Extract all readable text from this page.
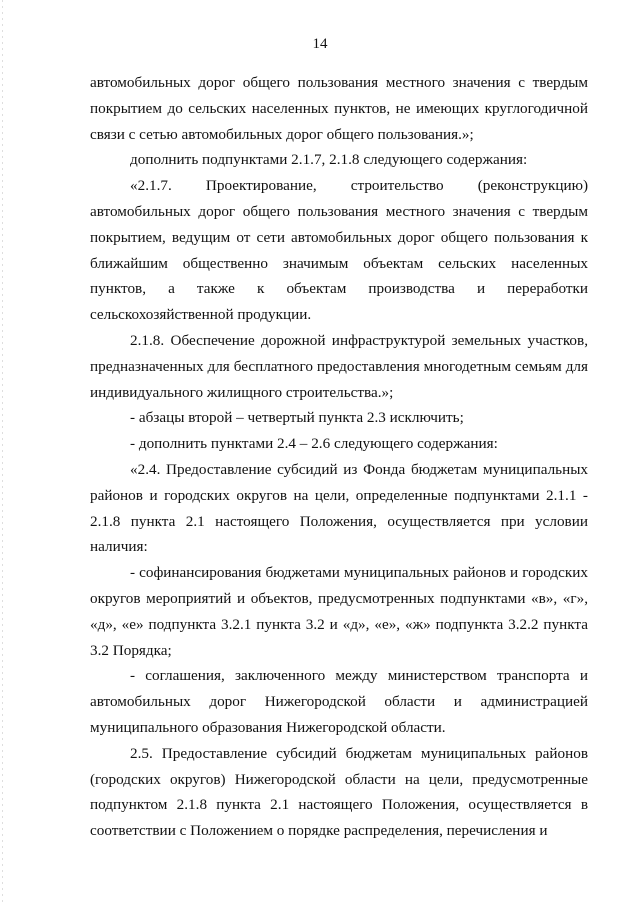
14

автомобильных дорог общего пользования местного значения с твердым
покрытием до сельских населенных пунктов, не имеющих круглогодичной
связи с сетью автомобильных дорог общего пользования.»;

дополнить подпунктами 2.1.7, 2.1.8 следующего содержания:

«2.1.7. Проектирование, строительство (реконструкцию)
автомобильных дорог общего пользования местного значения с твердым
покрытием, ведущим от сети автомобильных дорог общего пользования к
ближайшим общественно значимым объектам сельских населенных
пунктов, а также к объектам производства и переработки
сельскохозяйственной продукции.

2.1.8. Обеспечение дорожной инфраструктурой земельных участков,
предназначенных для бесплатного предоставления многодетным семьям для
индивидуального жилищного строительства.»;

- абзацы второй – четвертый пункта 2.3 исключить;

- дополнить пунктами 2.4 – 2.6 следующего содержания:

«2.4. Предоставление субсидий из Фонда бюджетам муниципальных
районов и городских округов на цели, определенные подпунктами 2.1.1 -
2.1.8 пункта 2.1 настоящего Положения, осуществляется при условии
наличия:

- софинансирования бюджетами муниципальных районов и городских
округов мероприятий и объектов, предусмотренных подпунктами «в», «г»,
«д», «е» подпункта 3.2.1 пункта 3.2 и «д», «е», «ж» подпункта 3.2.2 пункта
3.2 Порядка;

- соглашения, заключенного между министерством транспорта и
автомобильных дорог Нижегородской области и администрацией
муниципального образования Нижегородской области.

2.5. Предоставление субсидий бюджетам муниципальных районов
(городских округов) Нижегородской области на цели, предусмотренные
подпунктом 2.1.8 пункта 2.1 настоящего Положения, осуществляется в
соответствии с Положением о порядке распределения, перечисления и
